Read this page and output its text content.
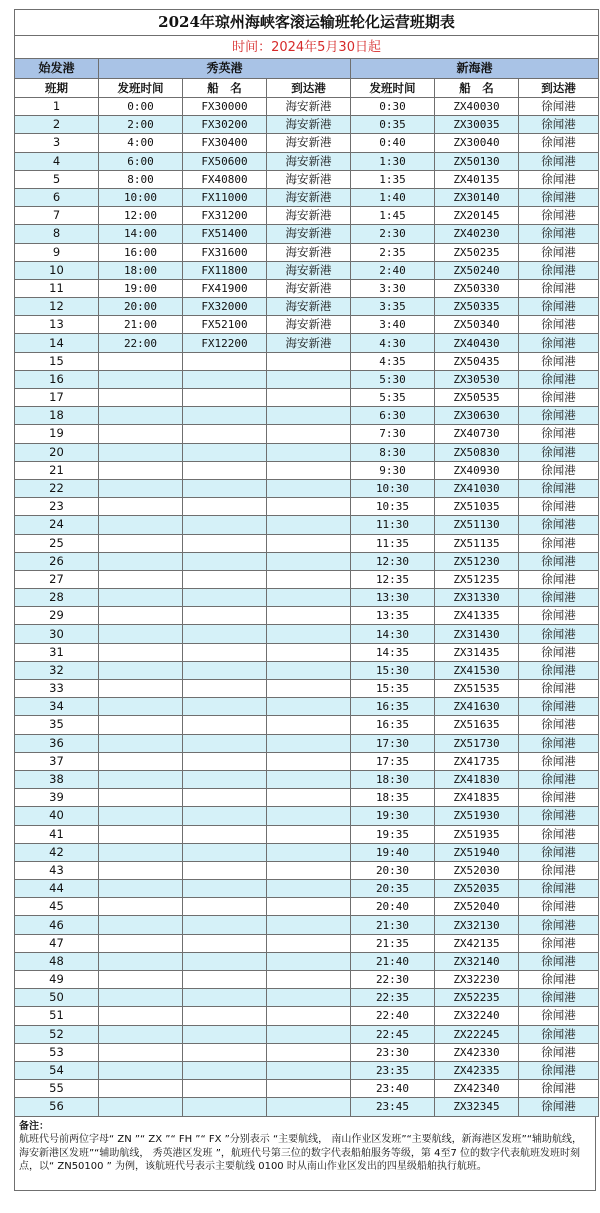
2024年琼州海峡客滚运输班轮化运营班期表						
时间：2024年5月30日起						
始发港	秀英港			新海港		
班期	发班时间	船　名	到达港	发班时间	船　名	到达港
1	0:00	FX30000	海安新港	0:30	ZX40030	徐闻港
2	2:00	FX30200	海安新港	0:35	ZX30035	徐闻港
3	4:00	FX30400	海安新港	0:40	ZX30040	徐闻港
4	6:00	FX50600	海安新港	1:30	ZX50130	徐闻港
5	8:00	FX40800	海安新港	1:35	ZX40135	徐闻港
6	10:00	FX11000	海安新港	1:40	ZX30140	徐闻港
7	12:00	FX31200	海安新港	1:45	ZX20145	徐闻港
8	14:00	FX51400	海安新港	2:30	ZX40230	徐闻港
9	16:00	FX31600	海安新港	2:35	ZX50235	徐闻港
10	18:00	FX11800	海安新港	2:40	ZX50240	徐闻港
11	19:00	FX41900	海安新港	3:30	ZX50330	徐闻港
12	20:00	FX32000	海安新港	3:35	ZX50335	徐闻港
13	21:00	FX52100	海安新港	3:40	ZX50340	徐闻港
14	22:00	FX12200	海安新港	4:30	ZX40430	徐闻港
15				4:35	ZX50435	徐闻港
16				5:30	ZX30530	徐闻港
17				5:35	ZX50535	徐闻港
18				6:30	ZX30630	徐闻港
19				7:30	ZX40730	徐闻港
20				8:30	ZX50830	徐闻港
21				9:30	ZX40930	徐闻港
22				10:30	ZX41030	徐闻港
23				10:35	ZX51035	徐闻港
24				11:30	ZX51130	徐闻港
25				11:35	ZX51135	徐闻港
26				12:30	ZX51230	徐闻港
27				12:35	ZX51235	徐闻港
28				13:30	ZX31330	徐闻港
29				13:35	ZX41335	徐闻港
30				14:30	ZX31430	徐闻港
31				14:35	ZX31435	徐闻港
32				15:30	ZX41530	徐闻港
33				15:35	ZX51535	徐闻港
34				16:35	ZX41630	徐闻港
35				16:35	ZX51635	徐闻港
36				17:30	ZX51730	徐闻港
37				17:35	ZX41735	徐闻港
38				18:30	ZX41830	徐闻港
39				18:35	ZX41835	徐闻港
40				19:30	ZX51930	徐闻港
41				19:35	ZX51935	徐闻港
42				19:40	ZX51940	徐闻港
43				20:30	ZX52030	徐闻港
44				20:35	ZX52035	徐闻港
45				20:40	ZX52040	徐闻港
46				21:30	ZX32130	徐闻港
47				21:35	ZX42135	徐闻港
48				21:40	ZX32140	徐闻港
49				22:30	ZX32230	徐闻港
50				22:35	ZX52235	徐闻港
51				22:40	ZX32240	徐闻港
52				22:45	ZX22245	徐闻港
53				23:30	ZX42330	徐闻港
54				23:35	ZX42335	徐闻港
55				23:40	ZX42340	徐闻港
56				23:45	ZX32345	徐闻港
备注：
航班代号前两位字母“ ZN ”“ ZX ”“ FH ”“ FX ”分别表示 “主要航线， 南山作业区发班”“主要航线，新海港区发班”“辅助航线， 海安新港区发班”“辅助航线， 秀英港区发班 ”，航班代号第三位的数字代表船舶服务等级，第 4至7 位的数字代表航班发班时刻点，以“ ZN50100 ” 为例，该航班代号表示主要航线 0100 时从南山作业区发出的四星级船舶执行航班。
